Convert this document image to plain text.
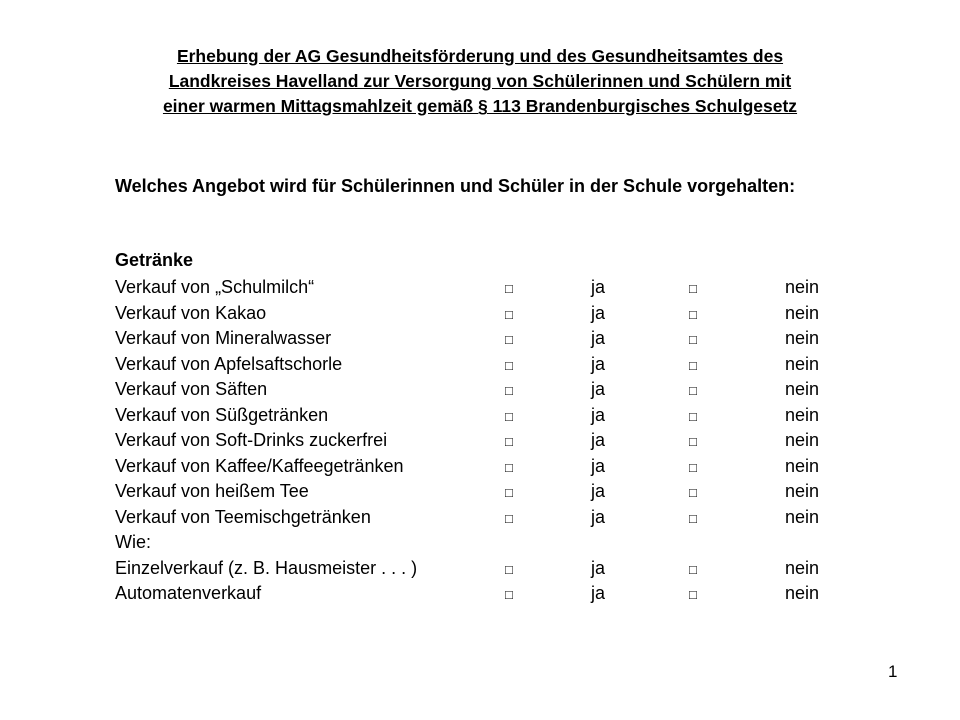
Erhebung der AG Gesundheitsförderung und des Gesundheitsamtes des
Landkreises Havelland zur Versorgung von Schülerinnen und Schülern mit
einer warmen Mittagsmahlzeit gemäß § 113 Brandenburgisches Schulgesetz
Welches Angebot wird für Schülerinnen und Schüler in der Schule vorgehalten:
Getränke
Verkauf von „Schulmilch“	□	ja	□	nein
Verkauf von Kakao	□	ja	□	nein
Verkauf von Mineralwasser	□	ja	□	nein
Verkauf von Apfelsaftschorle	□	ja	□	nein
Verkauf von Säften	□	ja	□	nein
Verkauf von Süßgetränken	□	ja	□	nein
Verkauf von Soft-Drinks zuckerfrei	□	ja	□	nein
Verkauf von Kaffee/Kaffeegetränken	□	ja	□	nein
Verkauf von heißem Tee	□	ja	□	nein
Verkauf von Teemischgetränken	□	ja	□	nein
Wie:
Einzelverkauf (z. B. Hausmeister . . . )	□	ja	□	nein
Automatenverkauf	□	ja	□	nein
1
